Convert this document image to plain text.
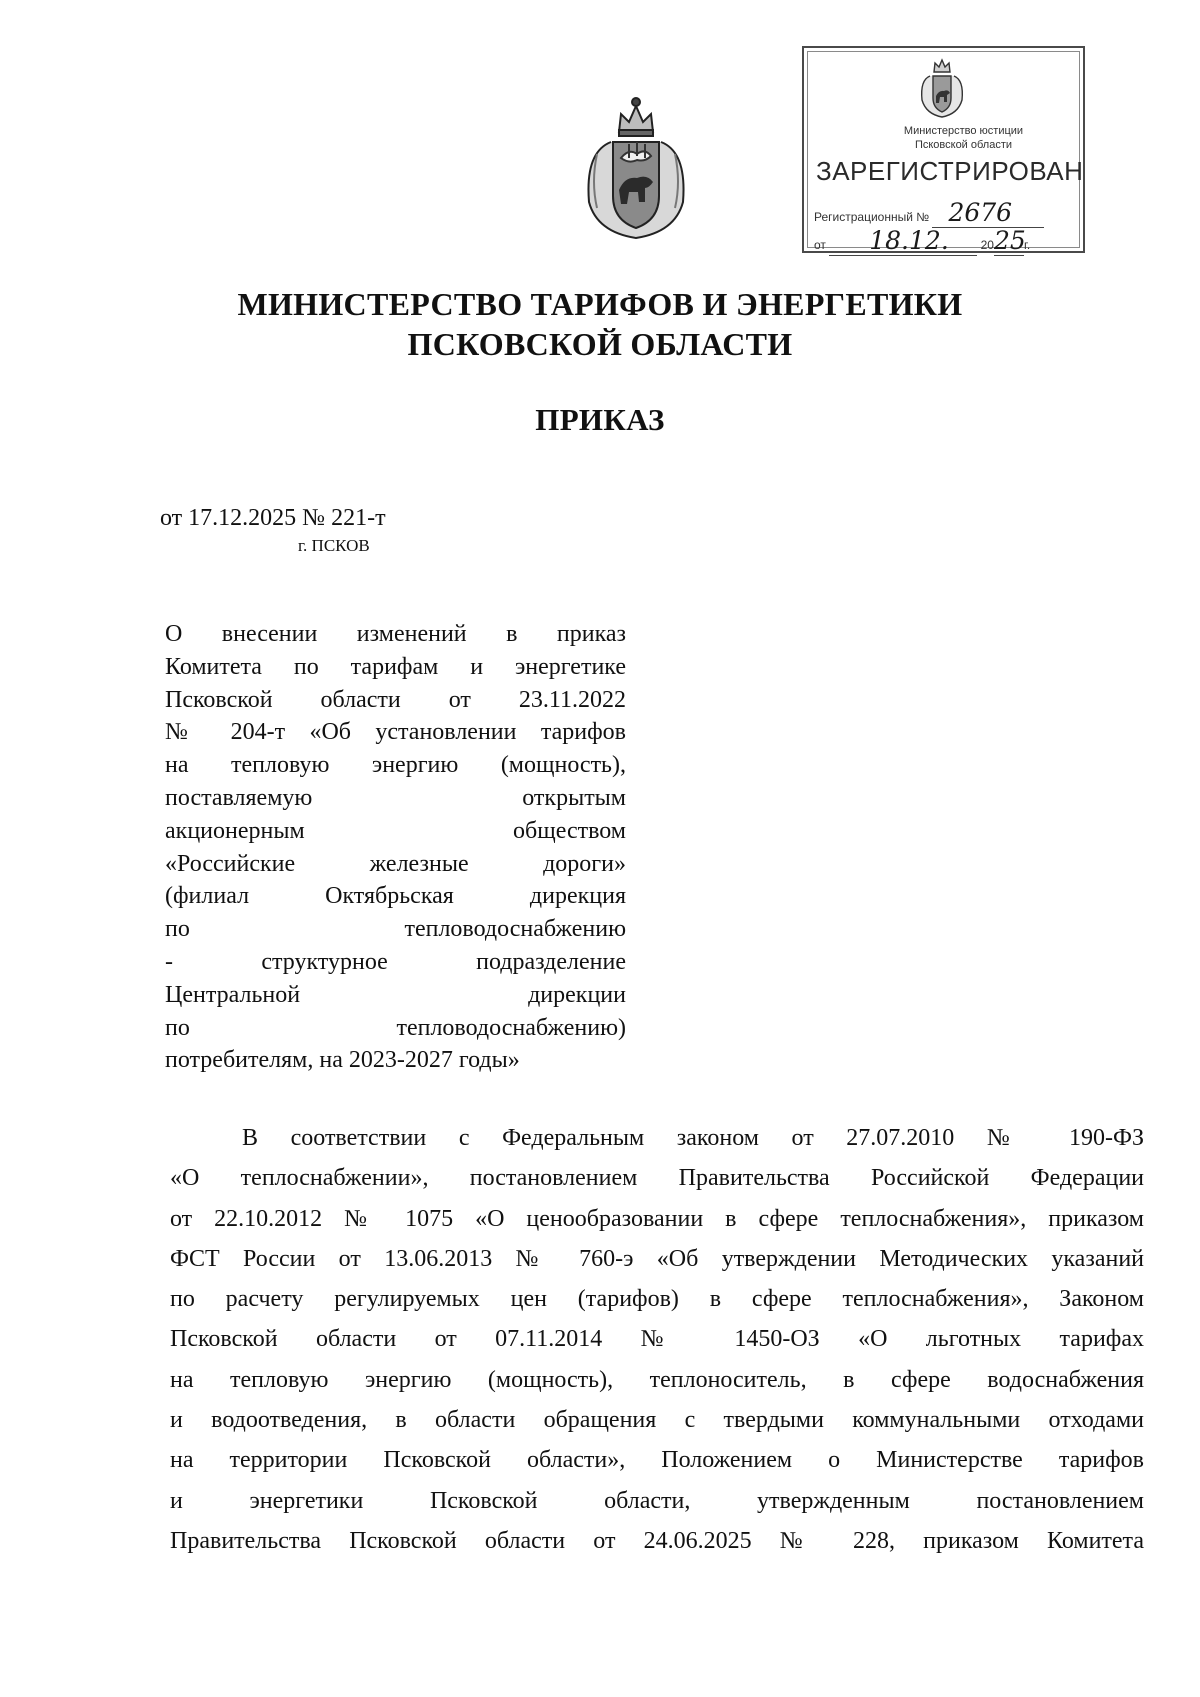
Министерство юстиции
Псковской области
ЗАРЕГИСТРИРОВАН
Регистрационный № 2676
от 18.12.	2025г.
МИНИСТЕРСТВО ТАРИФОВ И ЭНЕРГЕТИКИ
ПСКОВСКОЙ ОБЛАСТИ
ПРИКАЗ
от 17.12.2025 № 221-т
г. ПСКОВ
О внесении изменений в приказ
Комитета по тарифам и энергетике
Псковской области от 23.11.2022
№ 204-т «Об установлении тарифов
на тепловую энергию (мощность),
поставляемую открытым
акционерным обществом
«Российские железные дороги»
(филиал Октябрьская дирекция
по тепловодоснабжению
- структурное подразделение
Центральной дирекции
по тепловодоснабжению)
потребителям, на 2023-2027 годы»
В соответствии с Федеральным законом от 27.07.2010 № 190-ФЗ
«О теплоснабжении», постановлением Правительства Российской Федерации
от 22.10.2012 № 1075 «О ценообразовании в сфере теплоснабжения», приказом
ФСТ России от 13.06.2013 № 760-э «Об утверждении Методических указаний
по расчету регулируемых цен (тарифов) в сфере теплоснабжения», Законом
Псковской области от 07.11.2014 № 1450-ОЗ «О льготных тарифах
на тепловую энергию (мощность), теплоноситель, в сфере водоснабжения
и водоотведения, в области обращения с твердыми коммунальными отходами
на территории Псковской области», Положением о Министерстве тарифов
и энергетики Псковской области, утвержденным постановлением
Правительства Псковской области от 24.06.2025 № 228, приказом Комитета
